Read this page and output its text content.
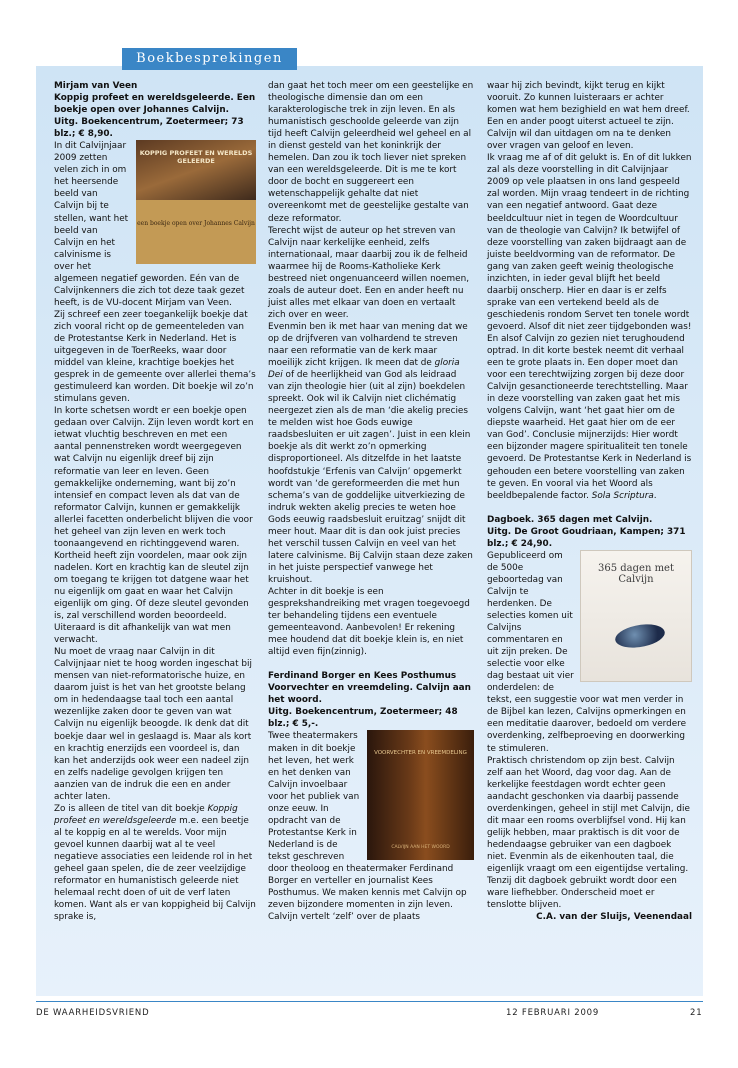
Boekbesprekingen

Mirjam van Veen

Koppig profeet en wereldsgeleerde. Een boekje open over Johannes Calvijn.

Uitg. Boekencentrum, Zoetermeer; 73 blz.; € 8,90.

KOPPIG PROFEET EN WERELDS GELEERDE
een boekje open over Johannes Calvijn

In dit Calvijnjaar 2009 zetten velen zich in om het heersende beeld van Calvijn bij te stellen, want het beeld van Calvijn en het calvinisme is over het algemeen negatief geworden. Eén van de Calvijnkenners die zich tot deze taak gezet heeft, is de VU-docent Mirjam van Veen.

Zij schreef een zeer toegankelijk boekje dat zich vooral richt op de gemeenteleden van de Protestantse Kerk in Nederland. Het is uitgegeven in de ToerReeks, waar door middel van kleine, krachtige boekjes het gesprek in de gemeente over allerlei thema’s gestimuleerd kan worden. Dit boekje wil zo’n stimulans geven.

In korte schetsen wordt er een boekje open gedaan over Calvijn. Zijn leven wordt kort en ietwat vluchtig beschreven en met een aantal pennenstreken wordt weergegeven wat Calvijn nu eigenlijk dreef bij zijn reformatie van leer en leven. Geen gemakkelijke onderneming, want bij zo’n intensief en compact leven als dat van de reformator Calvijn, kunnen er gemakkelijk allerlei facetten onderbelicht blijven die voor het geheel van zijn leven en werk toch toonaangevend en richtinggevend waren.

Kortheid heeft zijn voordelen, maar ook zijn nadelen. Kort en krachtig kan de sleutel zijn om toegang te krijgen tot datgene waar het nu eigenlijk om gaat en waar het Calvijn eigenlijk om ging. Of deze sleutel gevonden is, zal verschillend worden beoordeeld. Uiteraard is dit afhankelijk van wat men verwacht.

Nu moet de vraag naar Calvijn in dit Calvijnjaar niet te hoog worden ingeschat bij mensen van niet-reformatorische huize, en daarom juist is het van het grootste belang om in hedendaagse taal toch een aantal wezenlijke zaken door te geven van wat Calvijn nu eigenlijk beoogde. Ik denk dat dit boekje daar wel in geslaagd is. Maar als kort en krachtig enerzijds een voordeel is, dan kan het anderzijds ook weer een nadeel zijn en zelfs nadelige gevolgen krijgen ten aanzien van de indruk die een en ander achter laten.

Zo is alleen de titel van dit boekje Koppig profeet en wereldsgeleerde m.e. een beetje al te koppig en al te werelds. Voor mijn gevoel kunnen daarbij wat al te veel negatieve associaties een leidende rol in het geheel gaan spelen, die de zeer veelzijdige reformator en humanistisch geleerde niet helemaal recht doen of uit de verf laten komen. Want als er van koppigheid bij Calvijn sprake is,

dan gaat het toch meer om een geestelijke en theologische dimensie dan om een karakterologische trek in zijn leven. En als humanistisch geschoolde geleerde van zijn tijd heeft Calvijn geleerdheid wel geheel en al in dienst gesteld van het koninkrijk der hemelen. Dan zou ik toch liever niet spreken van een wereldsgeleerde. Dit is me te kort door de bocht en suggereert een wetenschappelijk gehalte dat niet overeenkomt met de geestelijke gestalte van deze reformator.

Terecht wijst de auteur op het streven van Calvijn naar kerkelijke eenheid, zelfs internationaal, maar daarbij zou ik de felheid waarmee hij de Rooms-Katholieke Kerk bestreed niet ongenuanceerd willen noemen, zoals de auteur doet. Een en ander heeft nu juist alles met elkaar van doen en vertaalt zich over en weer.

Evenmin ben ik met haar van mening dat we op de drijfveren van volhardend te streven naar een reformatie van de kerk maar moeilijk zicht krijgen. Ik meen dat de gloria Dei of de heerlijkheid van God als leidraad van zijn theologie hier (uit al zijn) boekdelen spreekt. Ook wil ik Calvijn niet clichématig neergezet zien als de man ‘die akelig precies te melden wist hoe Gods euwige raadsbesluiten er uit zagen’. Juist in een klein boekje als dit werkt zo’n opmerking disproportioneel. Als ditzelfde in het laatste hoofdstukje ‘Erfenis van Calvijn’ opgemerkt wordt van ‘de gereformeerden die met hun schema’s van de goddelijke uitverkiezing de indruk wekten akelig precies te weten hoe Gods eeuwig raadsbesluit eruitzag’ snijdt dit meer hout. Maar dit is dan ook juist precies het verschil tussen Calvijn en veel van het latere calvinisme. Bij Calvijn staan deze zaken in het juiste perspectief vanwege het kruishout.

Achter in dit boekje is een gesprekshandreiking met vragen toegevoegd ter behandeling tijdens een eventuele gemeenteavond. Aanbevolen! Er rekening mee houdend dat dit boekje klein is, en niet altijd even fijn(zinnig).

Ferdinand Borger en Kees Posthumus

Voorvechter en vreemdeling. Calvijn aan het woord.

Uitg. Boekencentrum, Zoetermeer; 48 blz.; € 5,-.

VOORVECHTER EN VREEMDELING
CALVIJN AAN HET WOORD

Twee theatermakers maken in dit boekje het leven, het werk en het denken van Calvijn invoelbaar voor het publiek van onze eeuw. In opdracht van de Protestantse Kerk in Nederland is de tekst geschreven door theoloog en theatermaker Ferdinand Borger en verteller en journalist Kees Posthumus. We maken kennis met Calvijn op zeven bijzondere momenten in zijn leven. Calvijn vertelt ‘zelf’ over de plaats

waar hij zich bevindt, kijkt terug en kijkt vooruit. Zo kunnen luisteraars er achter komen wat hem bezighield en wat hem dreef. Een en ander poogt uiterst actueel te zijn. Calvijn wil dan uitdagen om na te denken over vragen van geloof en leven.

Ik vraag me af of dit gelukt is. En of dit lukken zal als deze voorstelling in dit Calvijnjaar 2009 op vele plaatsen in ons land gespeeld zal worden. Mijn vraag tendeert in de richting van een negatief antwoord. Gaat deze beeldcultuur niet in tegen de Woordcultuur van de theologie van Calvijn? Ik betwijfel of deze voorstelling van zaken bijdraagt aan de juiste beeldvorming van de reformator. De gang van zaken geeft weinig theologische inzichten, in ieder geval blijft het beeld daarbij onscherp. Hier en daar is er zelfs sprake van een vertekend beeld als de geschiedenis rondom Servet ten tonele wordt gevoerd. Alsof dit niet zeer tijdgebonden was! En alsof Calvijn zo gezien niet terughoudend optrad. In dit korte bestek neemt dit verhaal een te grote plaats in. Een doper moet dan voor een terechtwijzing zorgen bij deze door Calvijn gesanctioneerde terechtstelling. Maar in deze voorstelling van zaken gaat het mis volgens Calvijn, want ‘het gaat hier om de diepste waarheid. Het gaat hier om de eer van God’. Conclusie mijnerzijds: Hier wordt een bijzonder magere spiritualiteit ten tonele gevoerd. De Protestantse Kerk in Nederland is gehouden een betere voorstelling van zaken te geven. En vooral via het Woord als beeldbepalende factor. Sola Scriptura.

Dagboek. 365 dagen met Calvijn.

Uitg. De Groot Goudriaan, Kampen; 371 blz.; € 24,90.

365 dagen met Calvijn

Gepubliceerd om de 500e geboortedag van Calvijn te herdenken. De selecties komen uit Calvijns commentaren en uit zijn preken. De selectie voor elke dag bestaat uit vier onderdelen: de tekst, een suggestie voor wat men verder in de Bijbel kan lezen, Calvijns opmerkingen en een meditatie daarover, bedoeld om verdere overdenking, zelfbeproeving en doorwerking te stimuleren.

Praktisch christendom op zijn best. Calvijn zelf aan het Woord, dag voor dag. Aan de kerkelijke feestdagen wordt echter geen aandacht geschonken via daarbij passende overdenkingen, geheel in stijl met Calvijn, die dit maar een rooms overblijfsel vond. Hij kan gelijk hebben, maar praktisch is dit voor de hedendaagse gebruiker van een dagboek niet. Evenmin als de eikenhouten taal, die eigenlijk vraagt om een eigentijdse vertaling. Tenzij dit dagboek gebruikt wordt door een ware liefhebber. Onderscheid moet er tenslotte blijven.

C.A. van der Sluijs, Veenendaal

DE WAARHEIDSVRIEND	12 FEBRUARI 2009	21
